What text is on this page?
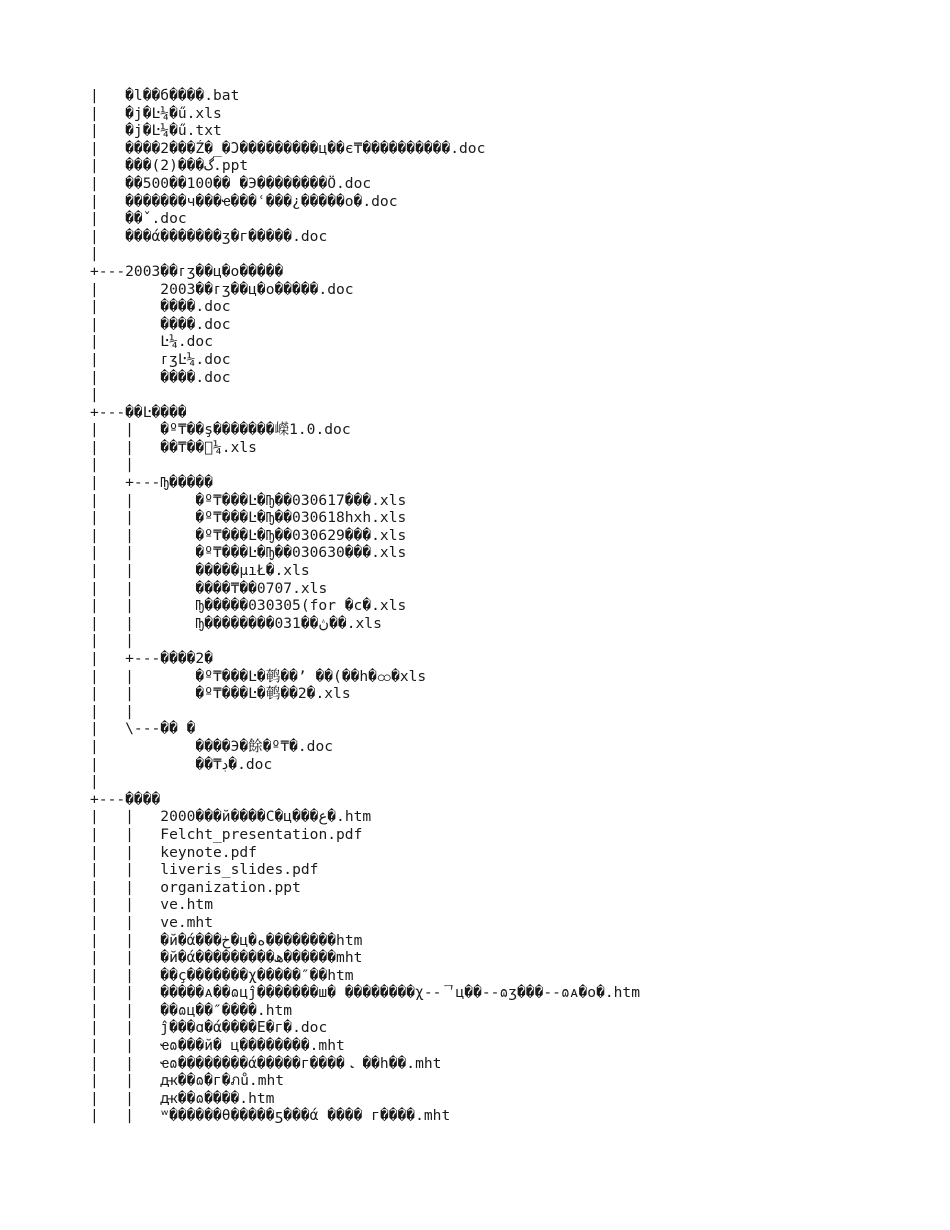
|   �l��б����.bat
|   �j�Ŀ¼�ű.xls
|   �j�Ŀ¼�ű.txt
|   ����2���Ź�_�Ͻ���������ц��є₸����������.doc
|   ���(2)���گ.ppt
|   ��500��100�� �Э��������Ȫ.doc
|   �������ч���ҽ���ʿ���¿�����о�.doc
|   ��ˇ.doc
|   ���ά�������ʒ�г�����.doc
|
+---2003��ᴦʒ��ц�о�����
|       2003��ᴦʒ��ц�о�����.doc
|       ����.doc
|       ����.doc
|       Ŀ¼.doc
|       ᴦʒĿ¼.doc
|       ����.doc
|
+---��Ŀ����
|   |   �º₸��ş�������嶸1.0.doc
|   |   ��₸��ͯ¼.xls
|   |
|   +---Ҧ�����
|   |       �º₸���Ŀ�Ҧ��030617���.xls
|   |       �º₸���Ŀ�Ҧ��030618hxh.xls
|   |       �º₸���Ŀ�Ҧ��030629���.xls
|   |       �º₸���Ŀ�Ҧ��030630���.xls
|   |       �����µıŁ�.xls
|   |       ����₸��0707.xls
|   |       Ҧ�����030305(for �с�.xls
|   |       Ҧ��������031��ڽ��.xls
|   |
|   +---����2�
|   |       �º₸���Ŀ�鹌��ʼ ��(��h�ထ�xls
|   |       �º₸���Ŀ�鹌��2�.xls
|   |
|   \---�� �
|           ����Э�餘�º₸�.doc
|           ��₸ڊ�.doc
|
+---����
|   |   2000���й����С�ц���ع�.htm
|   |   Felcht_presentation.pdf
|   |   keynote.pdf
|   |   liveris_slides.pdf
|   |   organization.ppt
|   |   ve.htm
|   |   ve.mht
|   |   �й�ά���خ�ц�ﻩ��������htm
|   |   �й�ά���������ھ������mht
|   |   ��ç�������χ�����″��htm
|   |   �����ᴀ��ɷцĵ�������ш� ��������χ--ᄀц��--ɷʒ���--ɷᴀ�о�.htm
|   |   ��ɷц��″����.htm
|   |   ĵ���ɑ�ά����Ε�г�.doc
|   |   ҽɷ���й� ц��������.mht
|   |   ҽɷ��������ά�����г����ﹳ ��h��.mht
|   |   ԫ��ɷ�г�ภů.mht
|   |   ԫ��ɷ����.htm
|   |   ʷ������θ�����ƽ���ά ���� г����.mht
